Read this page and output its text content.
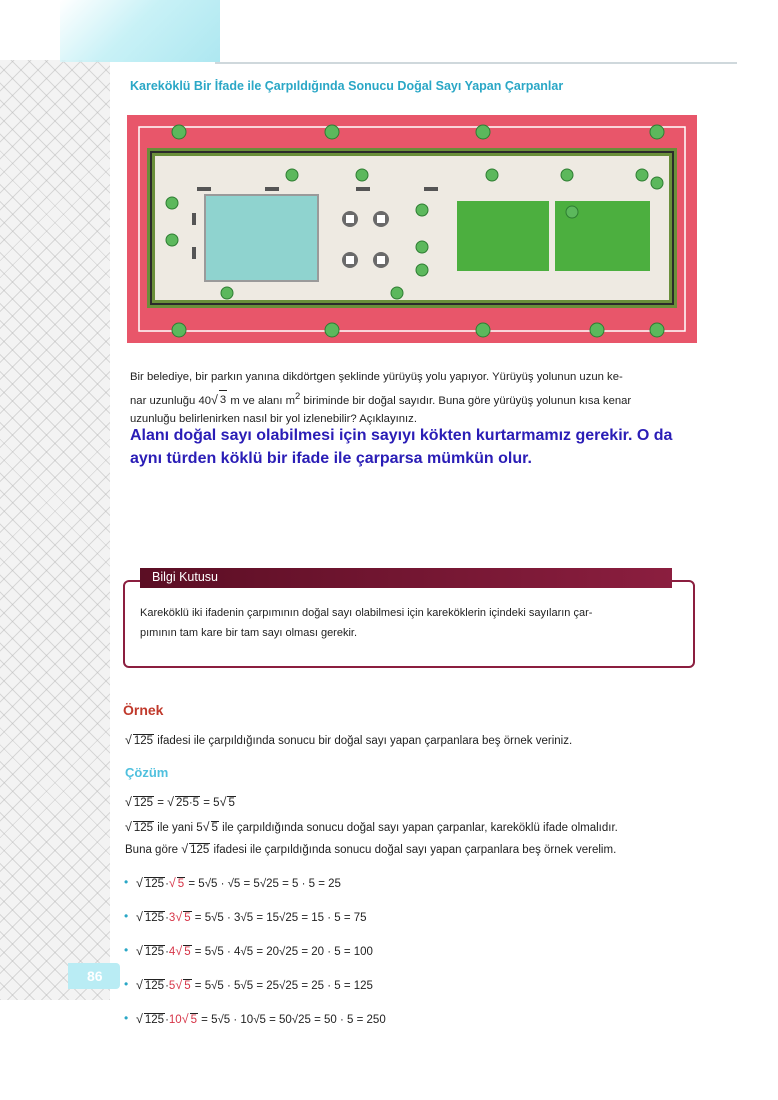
Kareköklü Bir İfade ile Çarpıldığında Sonucu Doğal Sayı Yapan Çarpanlar

Bir belediye, bir parkın yanına dikdörtgen şeklinde yürüyüş yolu yapıyor. Yürüyüş yolunun uzun ke-

nar uzunluğu 40√ 3 m ve alanı $m^2$ biriminde bir doğal sayıdır. Buna göre yürüyüş yolunun kısa kenar

uzunluğu belirlenirken nasıl bir yol izlenebilir? Açıklayınız.

Alanı doğal sayı olabilmesi için sayıyı kökten kurtarmamız gerekir. O da

aynı türden köklü bir ifade ile çarparsa mümkün olur.

Bilgi Kutusu

Kareköklü iki ifadenin çarpımının doğal sayı olabilmesi için kareköklerin içindeki sayıların çar-

pımının tam kare bir tam sayı olması gerekir.

Örnek
√ 125 ifadesi ile çarpıldığında sonucu bir doğal sayı yapan çarpanlara beş örnek veriniz.
Çözüm
√ 125 = √ 25·5 = 5√ 5
√ 125 ile yani 5√ 5 ile çarpıldığında sonucu doğal sayı yapan çarpanlar, kareköklü ifade olmalıdır.
Buna göre √ 125 ifadesi ile çarpıldığında sonucu doğal sayı yapan çarpanlara beş örnek verelim.
• √ 125·√ 5 = 5√5 · √5 = 5√25 = 5 · 5 = 25
• √ 125·3√ 5 = 5√5 · 3√5 = 15√25 = 15 · 5 = 75
• √ 125·4√ 5 = 5√5 · 4√5 = 20√25 = 20 · 5 = 100
• √ 125·5√ 5 = 5√5 · 5√5 = 25√25 = 25 · 5 = 125
• √ 125·10√ 5 = 5√5 · 10√5 = 50√25 = 50 · 5 = 250
86
